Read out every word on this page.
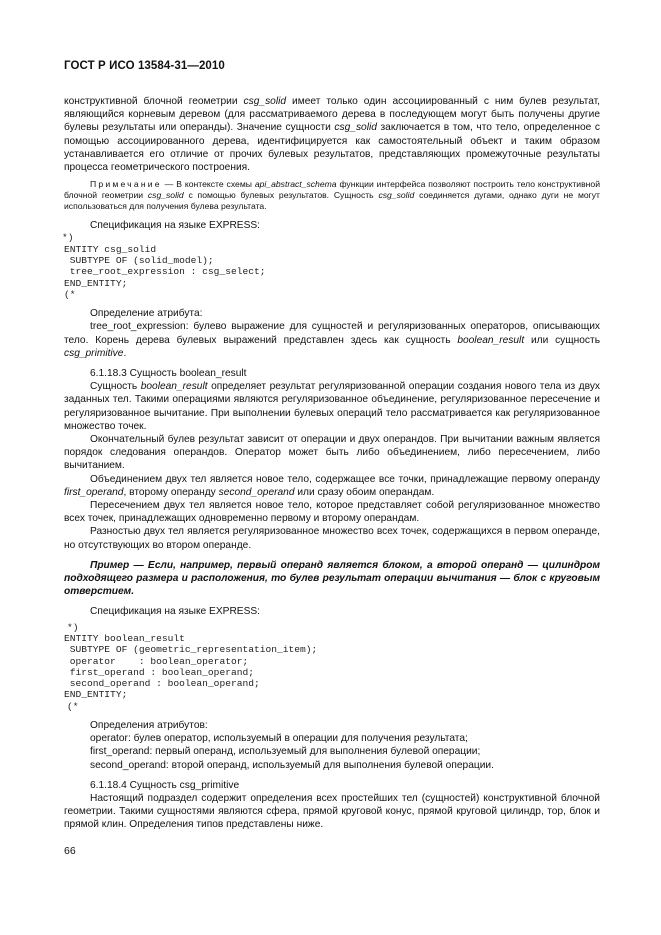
ГОСТ Р ИСО 13584-31—2010

конструктивной блочной геометрии csg_solid имеет только один ассоциированный с ним булев результат, являющийся корневым деревом (для рассматриваемого дерева в последующем могут быть получены другие булевы результаты или операнды). Значение сущности csg_solid заключается в том, что тело, определенное с помощью ассоциированного дерева, идентифицируется как самостоятельный объект и таким образом устанавливается его отличие от прочих булевых результатов, представляющих промежуточные результаты процесса геометрического построения.

Примечание — В контексте схемы api_abstract_schema функции интерфейса позволяют построить тело конструктивной блочной геометрии csg_solid с помощью булевых результатов. Сущность csg_solid соединяется дугами, однако дуги не могут использоваться для получения булева результата.

Спецификация на языке EXPRESS:

*)
ENTITY csg_solid
SUBTYPE OF (solid_model);
tree_root_expression : csg_select;
END_ENTITY;
(*

Определение атрибута:

tree_root_expression: булево выражение для сущностей и регуляризованных операторов, описывающих тело. Корень дерева булевых выражений представлен здесь как сущность boolean_result или сущность csg_primitive.

6.1.18.3 Сущность boolean_result

Сущность boolean_result определяет результат регуляризованной операции создания нового тела из двух заданных тел. Такими операциями являются регуляризованное объединение, регуляризованное пересечение и регуляризованное вычитание. При выполнении булевых операций тело рассматривается как регуляризованное множество точек.

Окончательный булев результат зависит от операции и двух операндов. При вычитании важным является порядок следования операндов. Оператор может быть либо объединением, либо пересечением, либо вычитанием.

Объединением двух тел является новое тело, содержащее все точки, принадлежащие первому операнду first_operand, второму операнду second_operand или сразу обоим операндам.

Пересечением двух тел является новое тело, которое представляет собой регуляризованное множество всех точек, принадлежащих одновременно первому и второму операндам.

Разностью двух тел является регуляризованное множество всех точек, содержащихся в первом операнде, но отсутствующих во втором операнде.

Пример — Если, например, первый операнд является блоком, а второй операнд — цилиндром подходящего размера и расположения, то булев результат операции вычитания — блок с круговым отверстием.

Спецификация на языке EXPRESS:

*)
ENTITY boolean_result
SUBTYPE OF (geometric_representation_item);
operator    : boolean_operator;
first_operand : boolean_operand;
second_operand : boolean_operand;
END_ENTITY;
(*

Определения атрибутов:

operator: булев оператор, используемый в операции для получения результата;

first_operand: первый операнд, используемый для выполнения булевой операции;

second_operand: второй операнд, используемый для выполнения булевой операции.

6.1.18.4 Сущность csg_primitive

Настоящий подраздел содержит определения всех простейших тел (сущностей) конструктивной блочной геометрии. Такими сущностями являются сфера, прямой круговой конус, прямой круговой цилиндр, тор, блок и прямой клин. Определения типов представлены ниже.

66
